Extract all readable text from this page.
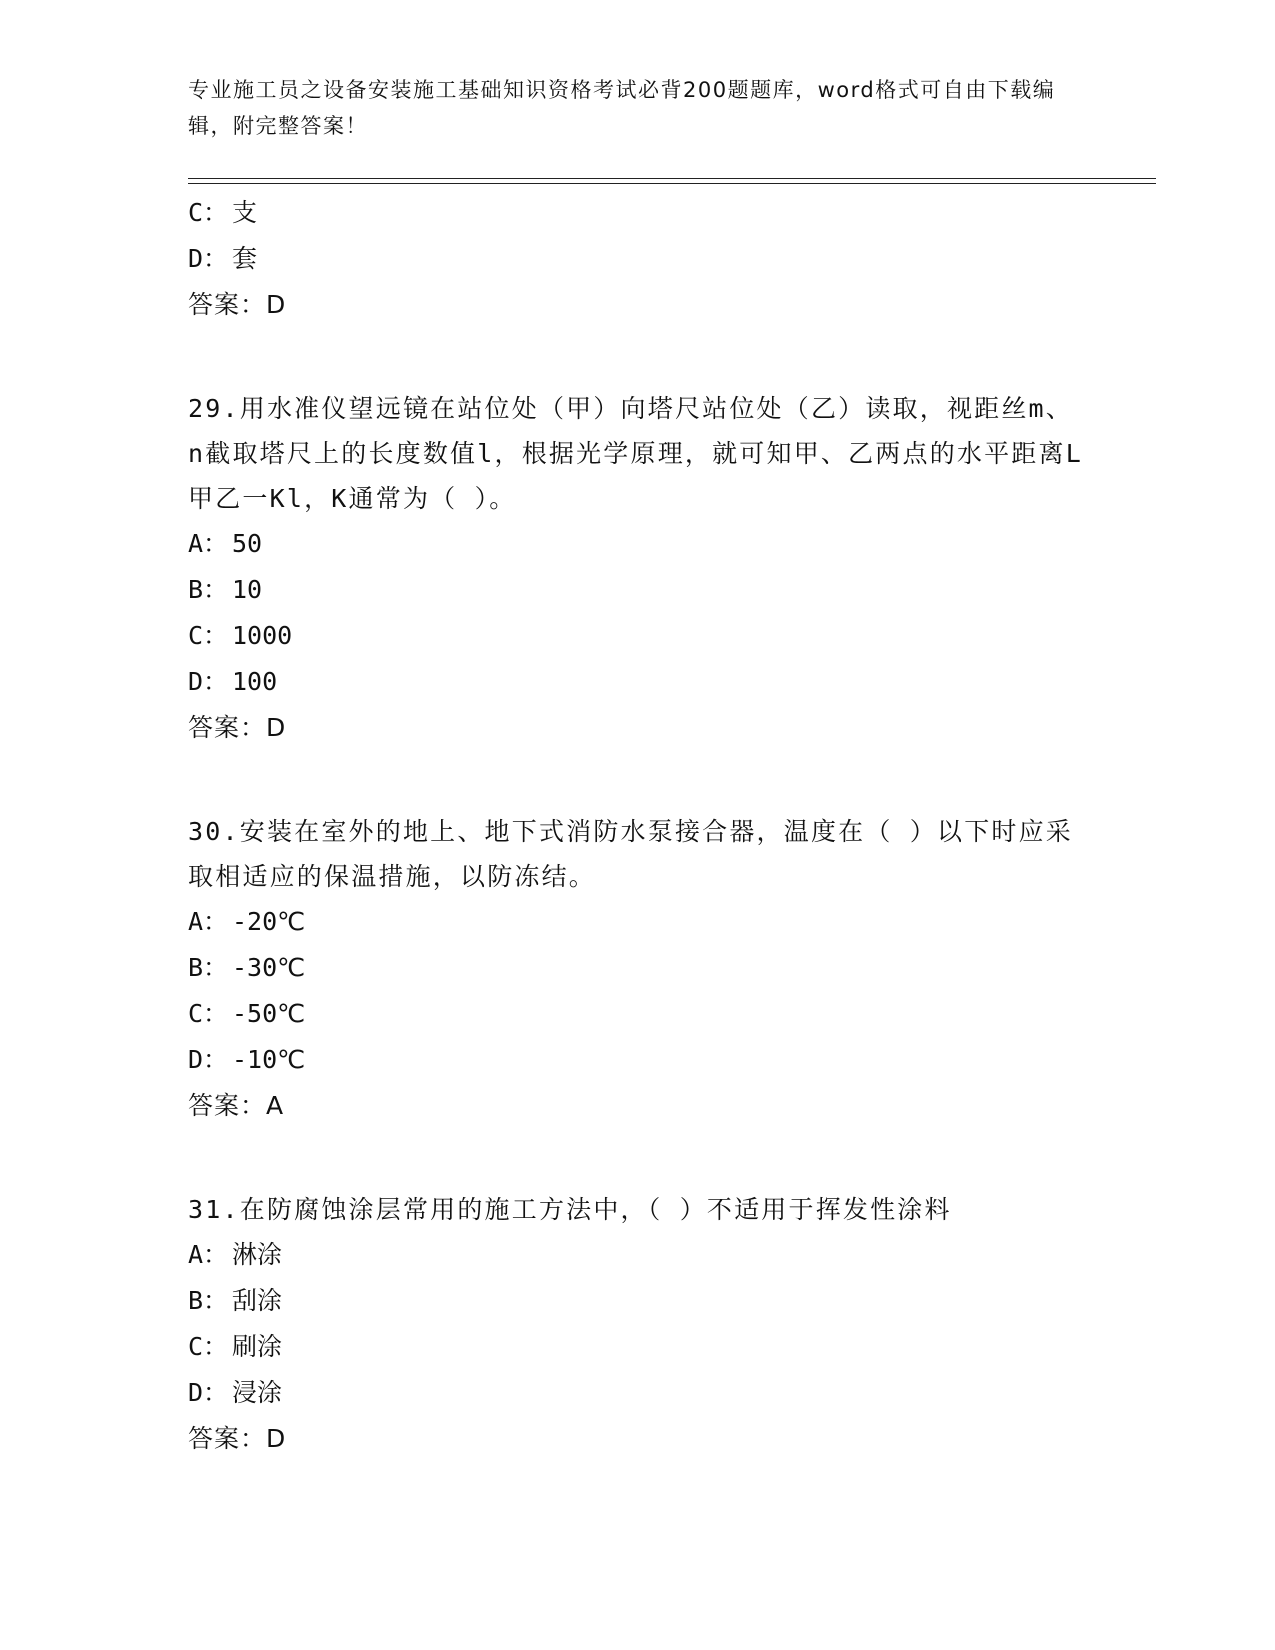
专业施工员之设备安装施工基础知识资格考试必背200题题库，word格式可自由下载编辑，附完整答案！
C： 支
D： 套
答案：D
29.用水准仪望远镜在站位处（甲）向塔尺站位处（乙）读取，视距丝m、n截取塔尺上的长度数值l，根据光学原理，就可知甲、乙两点的水平距离L甲乙一Kl，K通常为（ ）。
A： 50
B： 10
C： 1000
D： 100
答案：D
30.安装在室外的地上、地下式消防水泵接合器，温度在（ ）以下时应采取相适应的保温措施，以防冻结。
A： -20℃
B： -30℃
C： -50℃
D： -10℃
答案：A
31.在防腐蚀涂层常用的施工方法中，（ ）不适用于挥发性涂料
A： 淋涂
B： 刮涂
C： 刷涂
D： 浸涂
答案：D
